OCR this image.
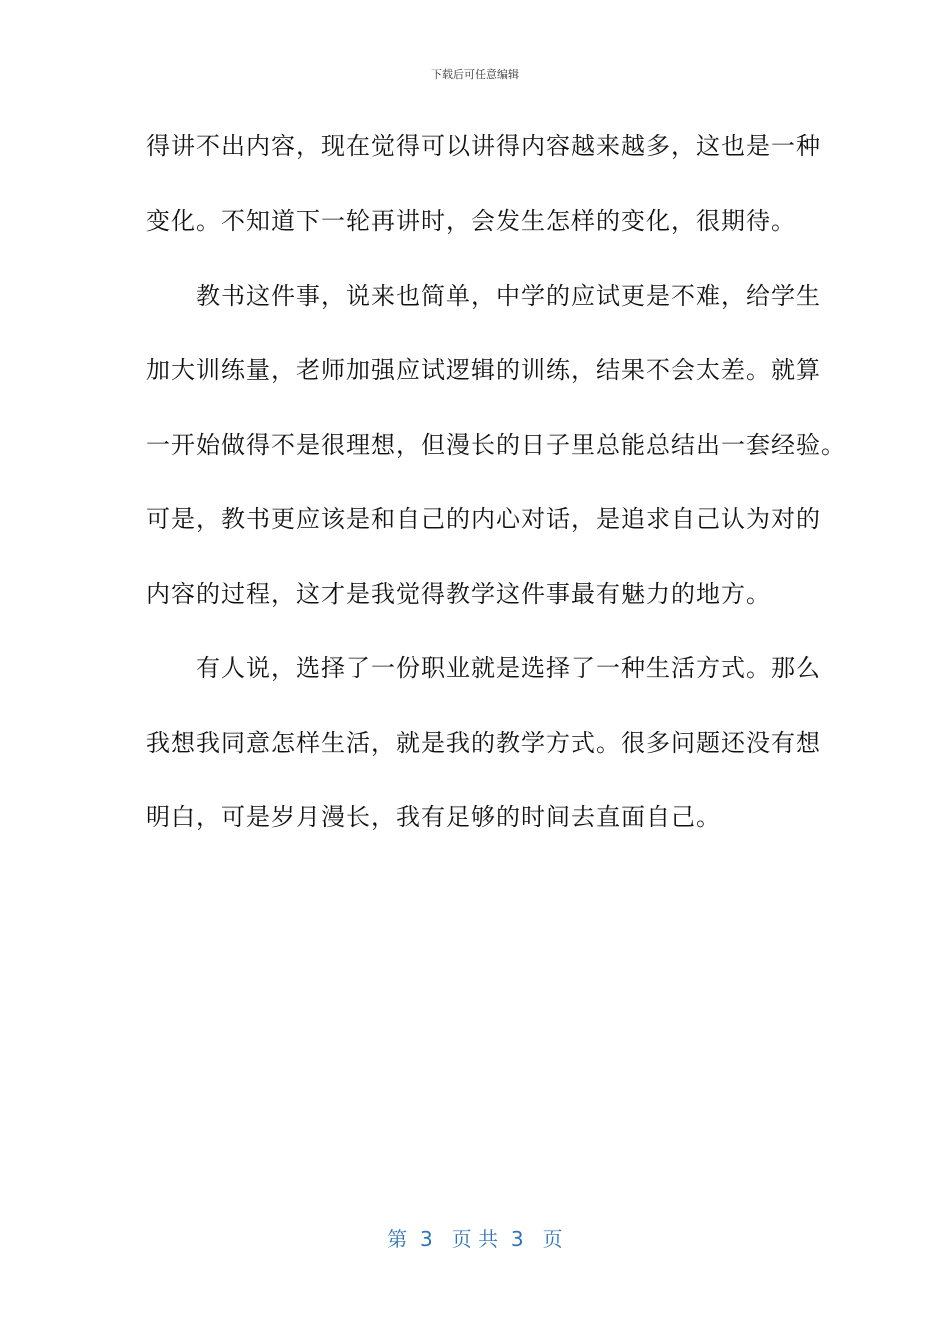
下载后可任意编辑
得讲不出内容，现在觉得可以讲得内容越来越多，这也是一种
变化。不知道下一轮再讲时，会发生怎样的变化，很期待。
　　教书这件事，说来也简单，中学的应试更是不难，给学生
加大训练量，老师加强应试逻辑的训练，结果不会太差。就算
一开始做得不是很理想，但漫长的日子里总能总结出一套经验。
可是，教书更应该是和自己的内心对话，是追求自己认为对的
内容的过程，这才是我觉得教学这件事最有魅力的地方。
　　有人说，选择了一份职业就是选择了一种生活方式。那么
我想我同意怎样生活，就是我的教学方式。很多问题还没有想
明白，可是岁月漫长，我有足够的时间去直面自己。
第  3   页 共  3   页
